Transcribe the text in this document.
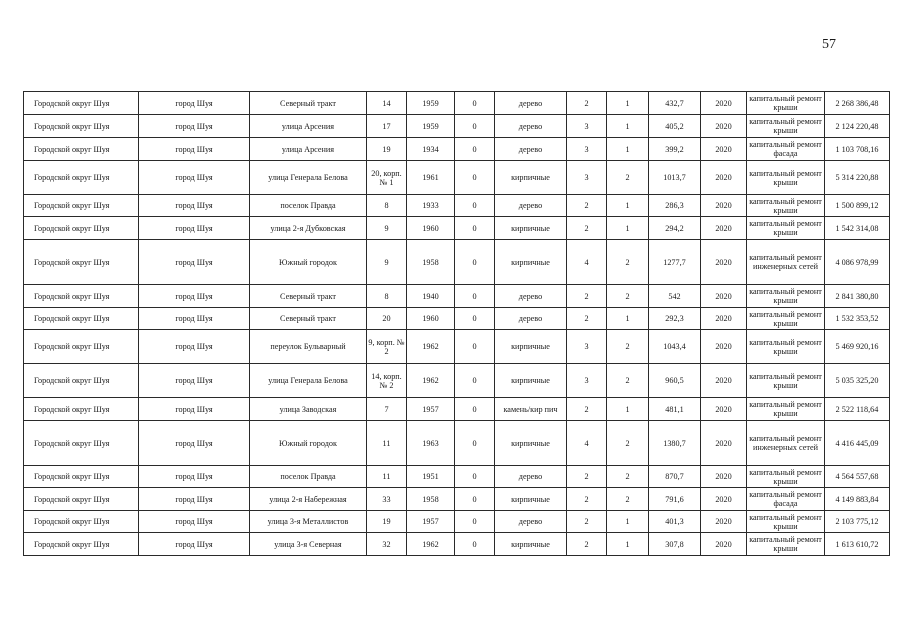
57
Городской округ Шуя	город Шуя	Северный тракт	14	1959	0	дерево	2	1	432,7	2020	капитальный ремонт крыши	2 268 386,48
Городской округ Шуя	город Шуя	улица Арсения	17	1959	0	дерево	3	1	405,2	2020	капитальный ремонт крыши	2 124 220,48
Городской округ Шуя	город Шуя	улица Арсения	19	1934	0	дерево	3	1	399,2	2020	капитальный ремонт фасада	1 103 708,16
Городской округ Шуя	город Шуя	улица Генерала Белова	20, корп. № 1	1961	0	кирпичные	3	2	1013,7	2020	капитальный ремонт крыши	5 314 220,88
Городской округ Шуя	город Шуя	поселок Правда	8	1933	0	дерево	2	1	286,3	2020	капитальный ремонт крыши	1 500 899,12
Городской округ Шуя	город Шуя	улица 2-я Дубковская	9	1960	0	кирпичные	2	1	294,2	2020	капитальный ремонт крыши	1 542 314,08
Городской округ Шуя	город Шуя	Южный городок	9	1958	0	кирпичные	4	2	1277,7	2020	капитальный ремонт инженерных сетей	4 086 978,99
Городской округ Шуя	город Шуя	Северный тракт	8	1940	0	дерево	2	2	542	2020	капитальный ремонт крыши	2 841 380,80
Городской округ Шуя	город Шуя	Северный тракт	20	1960	0	дерево	2	1	292,3	2020	капитальный ремонт крыши	1 532 353,52
Городской округ Шуя	город Шуя	переулок Бульварный	9, корп. № 2	1962	0	кирпичные	3	2	1043,4	2020	капитальный ремонт крыши	5 469 920,16
Городской округ Шуя	город Шуя	улица Генерала Белова	14, корп. № 2	1962	0	кирпичные	3	2	960,5	2020	капитальный ремонт крыши	5 035 325,20
Городской округ Шуя	город Шуя	улица Заводская	7	1957	0	камень/кир пич	2	1	481,1	2020	капитальный ремонт крыши	2 522 118,64
Городской округ Шуя	город Шуя	Южный городок	11	1963	0	кирпичные	4	2	1380,7	2020	капитальный ремонт инженерных сетей	4 416 445,09
Городской округ Шуя	город Шуя	поселок Правда	11	1951	0	дерево	2	2	870,7	2020	капитальный ремонт крыши	4 564 557,68
Городской округ Шуя	город Шуя	улица 2-я Набережная	33	1958	0	кирпичные	2	2	791,6	2020	капитальный ремонт фасада	4 149 883,84
Городской округ Шуя	город Шуя	улица 3-я Металлистов	19	1957	0	дерево	2	1	401,3	2020	капитальный ремонт крыши	2 103 775,12
Городской округ Шуя	город Шуя	улица 3-я Северная	32	1962	0	кирпичные	2	1	307,8	2020	капитальный ремонт крыши	1 613 610,72
